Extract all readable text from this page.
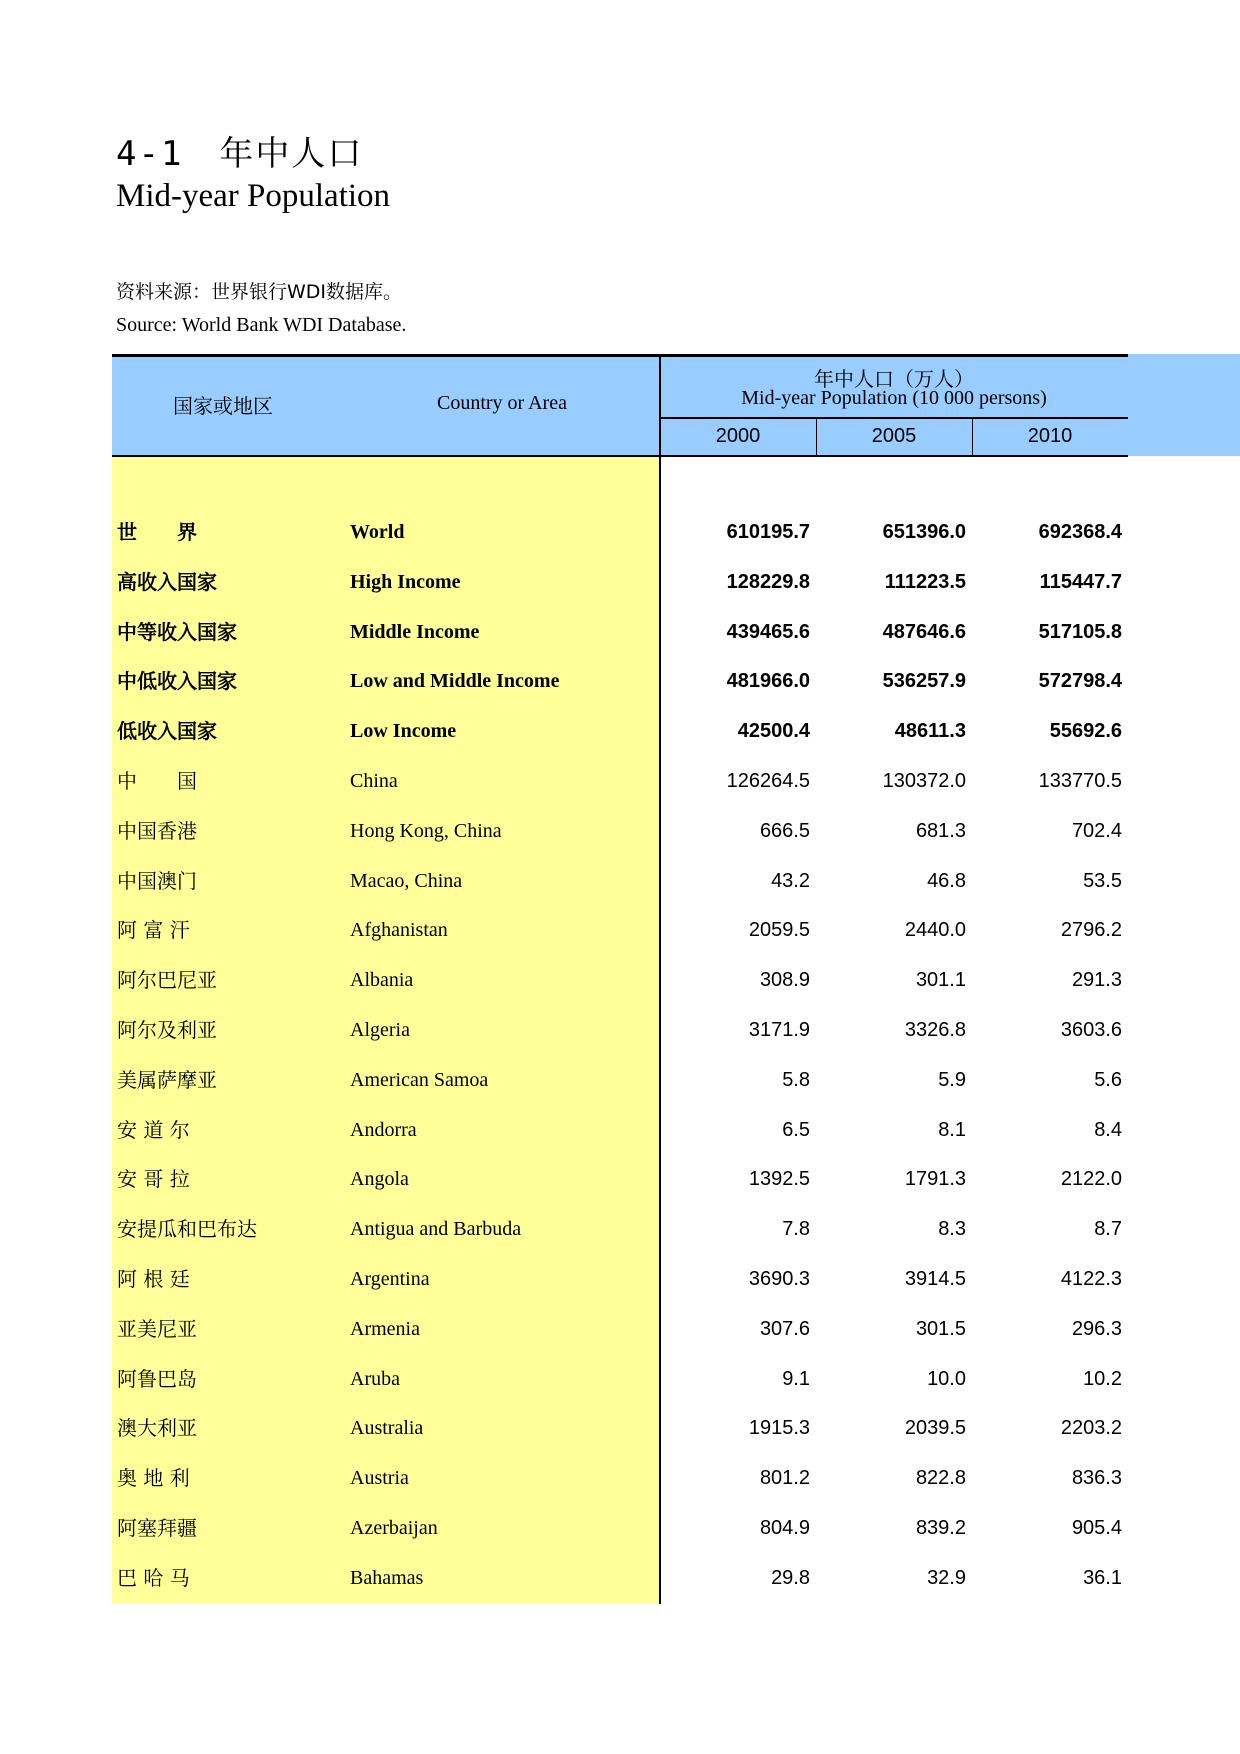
4-1 年中人口
Mid-year Population
资料来源：世界银行WDI数据库。
Source: World Bank WDI Database.
国家或地区	Country or Area
年中人口（万人）
Mid-year Population (10 000 persons)
2000	2005	2010
世　　界	World	610195.7	651396.0	692368.4
高收入国家	High Income	128229.8	111223.5	115447.7
中等收入国家	Middle Income	439465.6	487646.6	517105.8
中低收入国家	Low and Middle Income	481966.0	536257.9	572798.4
低收入国家	Low Income	42500.4	48611.3	55692.6
中　　国	China	126264.5	130372.0	133770.5
中国香港	Hong Kong, China	666.5	681.3	702.4
中国澳门	Macao, China	43.2	46.8	53.5
阿 富 汗	Afghanistan	2059.5	2440.0	2796.2
阿尔巴尼亚	Albania	308.9	301.1	291.3
阿尔及利亚	Algeria	3171.9	3326.8	3603.6
美属萨摩亚	American Samoa	5.8	5.9	5.6
安 道 尔	Andorra	6.5	8.1	8.4
安 哥 拉	Angola	1392.5	1791.3	2122.0
安提瓜和巴布达	Antigua and Barbuda	7.8	8.3	8.7
阿 根 廷	Argentina	3690.3	3914.5	4122.3
亚美尼亚	Armenia	307.6	301.5	296.3
阿鲁巴岛	Aruba	9.1	10.0	10.2
澳大利亚	Australia	1915.3	2039.5	2203.2
奥 地 利	Austria	801.2	822.8	836.3
阿塞拜疆	Azerbaijan	804.9	839.2	905.4
巴 哈 马	Bahamas	29.8	32.9	36.1
